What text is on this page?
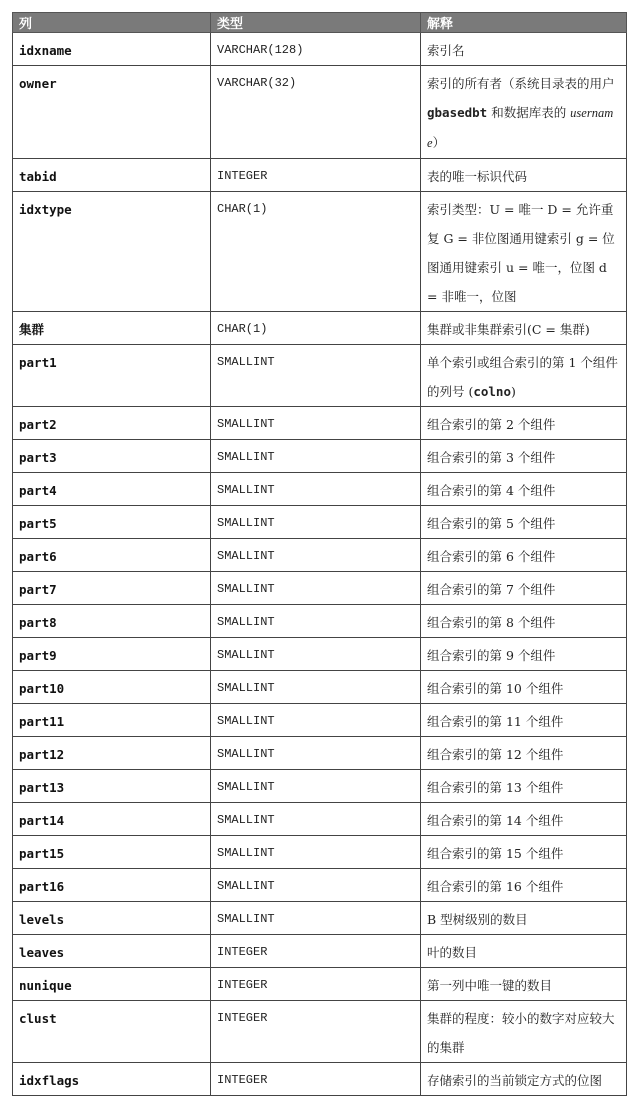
列	类型	解释
idxname	VARCHAR(128)	索引名
owner	VARCHAR(32)	索引的所有者（系统目录表的用户 gbasedbt 和数据库表的 username）
tabid	INTEGER	表的唯一标识代码
idxtype	CHAR(1)	索引类型：U = 唯一 D = 允许重复 G = 非位图通用键索引 g = 位图通用键索引 u = 唯一，位图 d = 非唯一，位图
集群	CHAR(1)	集群或非集群索引(C = 集群)
part1	SMALLINT	单个索引或组合索引的第 1 个组件的列号 (colno)
part2	SMALLINT	组合索引的第 2 个组件
part3	SMALLINT	组合索引的第 3 个组件
part4	SMALLINT	组合索引的第 4 个组件
part5	SMALLINT	组合索引的第 5 个组件
part6	SMALLINT	组合索引的第 6 个组件
part7	SMALLINT	组合索引的第 7 个组件
part8	SMALLINT	组合索引的第 8 个组件
part9	SMALLINT	组合索引的第 9 个组件
part10	SMALLINT	组合索引的第 10 个组件
part11	SMALLINT	组合索引的第 11 个组件
part12	SMALLINT	组合索引的第 12 个组件
part13	SMALLINT	组合索引的第 13 个组件
part14	SMALLINT	组合索引的第 14 个组件
part15	SMALLINT	组合索引的第 15 个组件
part16	SMALLINT	组合索引的第 16 个组件
levels	SMALLINT	B 型树级别的数目
leaves	INTEGER	叶的数目
nunique	INTEGER	第一列中唯一键的数目
clust	INTEGER	集群的程度：较小的数字对应较大的集群
idxflags	INTEGER	存储索引的当前锁定方式的位图
